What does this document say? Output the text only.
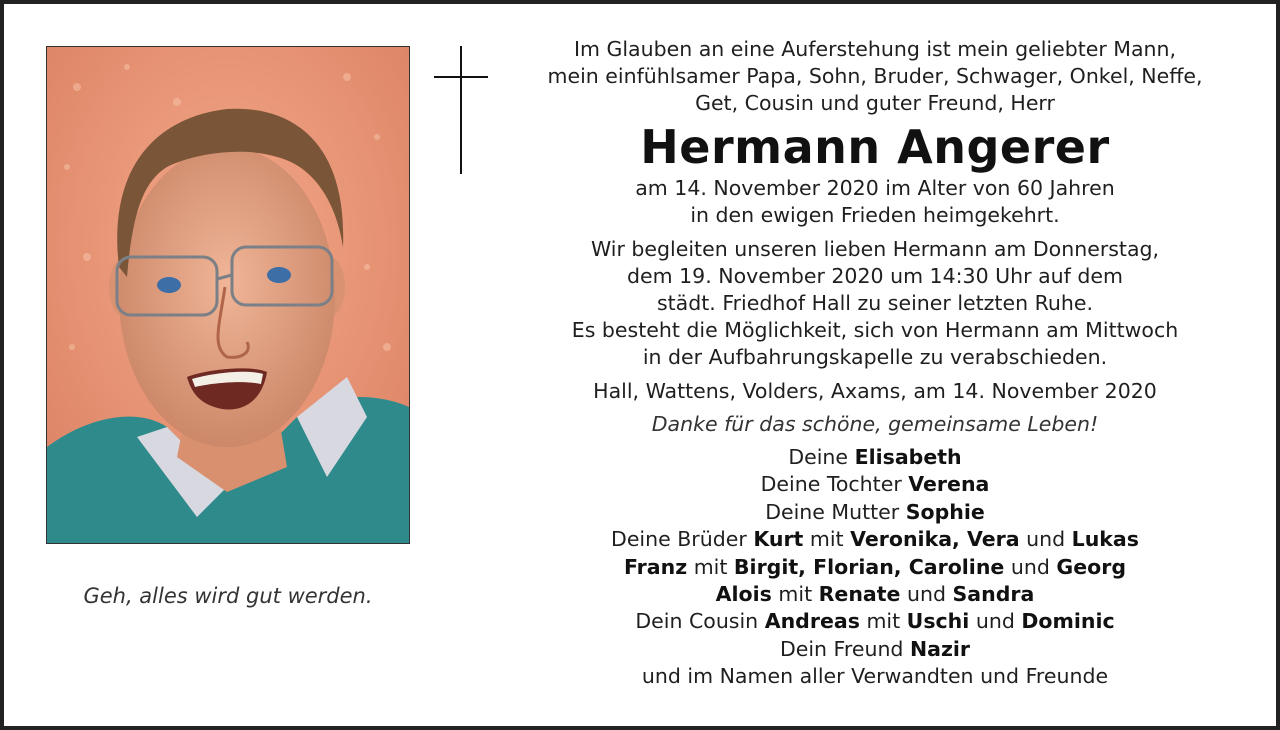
Geh, alles wird gut werden.

Im Glauben an eine Auferstehung ist mein geliebter Mann,

mein einfühlsamer Papa, Sohn, Bruder, Schwager, Onkel, Neffe,

Get, Cousin und guter Freund, Herr

Hermann Angerer

am 14. November 2020 im Alter von 60 Jahren

in den ewigen Frieden heimgekehrt.

Wir begleiten unseren lieben Hermann am Donnerstag,

dem 19. November 2020 um 14:30 Uhr auf dem

städt. Friedhof Hall zu seiner letzten Ruhe.

Es besteht die Möglichkeit, sich von Hermann am Mittwoch

in der Aufbahrungskapelle zu verabschieden.

Hall, Wattens, Volders, Axams, am 14. November 2020

Danke für das schöne, gemeinsame Leben!

Deine Elisabeth

Deine Tochter Verena

Deine Mutter Sophie

Deine Brüder Kurt mit Veronika, Vera und Lukas

Franz mit Birgit, Florian, Caroline und Georg

Alois mit Renate und Sandra

Dein Cousin Andreas mit Uschi und Dominic

Dein Freund Nazir

und im Namen aller Verwandten und Freunde
